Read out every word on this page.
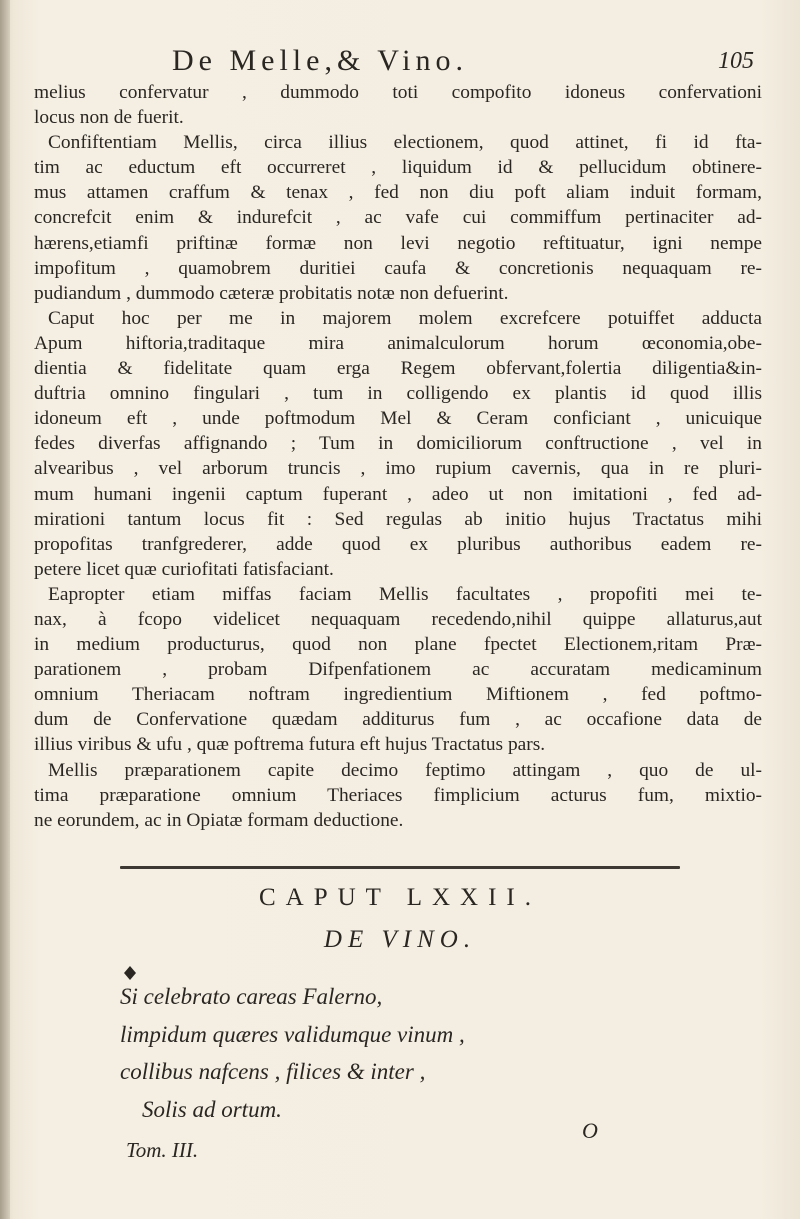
De Melle,& Vino.	105
melius confervatur , dummodo toti compofito idoneus confervationi
locus non de fuerit.
Confiftentiam Mellis, circa illius electionem, quod attinet, fi id fta-
tim ac eductum eft occurreret , liquidum id & pellucidum obtinere-
mus attamen craffum & tenax , fed non diu poft aliam induit formam,
concrefcit enim & indurefcit , ac vafe cui commiffum pertinaciter ad-
hærens,etiamfi priftinæ formæ non levi negotio reftituatur, igni nempe
impofitum , quamobrem duritiei caufa & concretionis nequaquam re-
pudiandum , dummodo cæteræ probitatis notæ non defuerint.
Caput hoc per me in majorem molem excrefcere potuiffet adducta
Apum hiftoria,traditaque mira animalculorum horum œconomia,obe-
dientia & fidelitate quam erga Regem obfervant,folertia diligentia&in-
duftria omnino fingulari , tum in colligendo ex plantis id quod illis
idoneum eft , unde poftmodum Mel & Ceram conficiant , unicuique
fedes diverfas affignando ; Tum in domiciliorum conftructione , vel in
alvearibus , vel arborum truncis , imo rupium cavernis, qua in re pluri-
mum humani ingenii captum fuperant , adeo ut non imitationi , fed ad-
mirationi tantum locus fit : Sed regulas ab initio hujus Tractatus mihi
propofitas tranfgrederer, adde quod ex pluribus authoribus eadem re-
petere licet quæ curiofitati fatisfaciant.
Eapropter etiam miffas faciam Mellis facultates , propofiti mei te-
nax, à fcopo videlicet nequaquam recedendo,nihil quippe allaturus,aut
in medium producturus, quod non plane fpectet Electionem,ritam Præ-
parationem , probam Difpenfationem ac accuratam medicaminum
omnium Theriacam noftram ingredientium Miftionem , fed poftmo-
dum de Confervatione quædam additurus fum , ac occafione data de
illius viribus & ufu , quæ poftrema futura eft hujus Tractatus pars.
Mellis præparationem capite decimo feptimo attingam , quo de ul-
tima præparatione omnium Theriaces fimplicium acturus fum, mixtio-
ne eorundem, ac in Opiatæ formam deductione.
CAPUT LXXII.
DE VINO.
Si celebrato careas Falerno,
limpidum quæres validumque vinum ,
collibus nafcens , filices & inter ,
Solis ad ortum.
O
Tom. III.
